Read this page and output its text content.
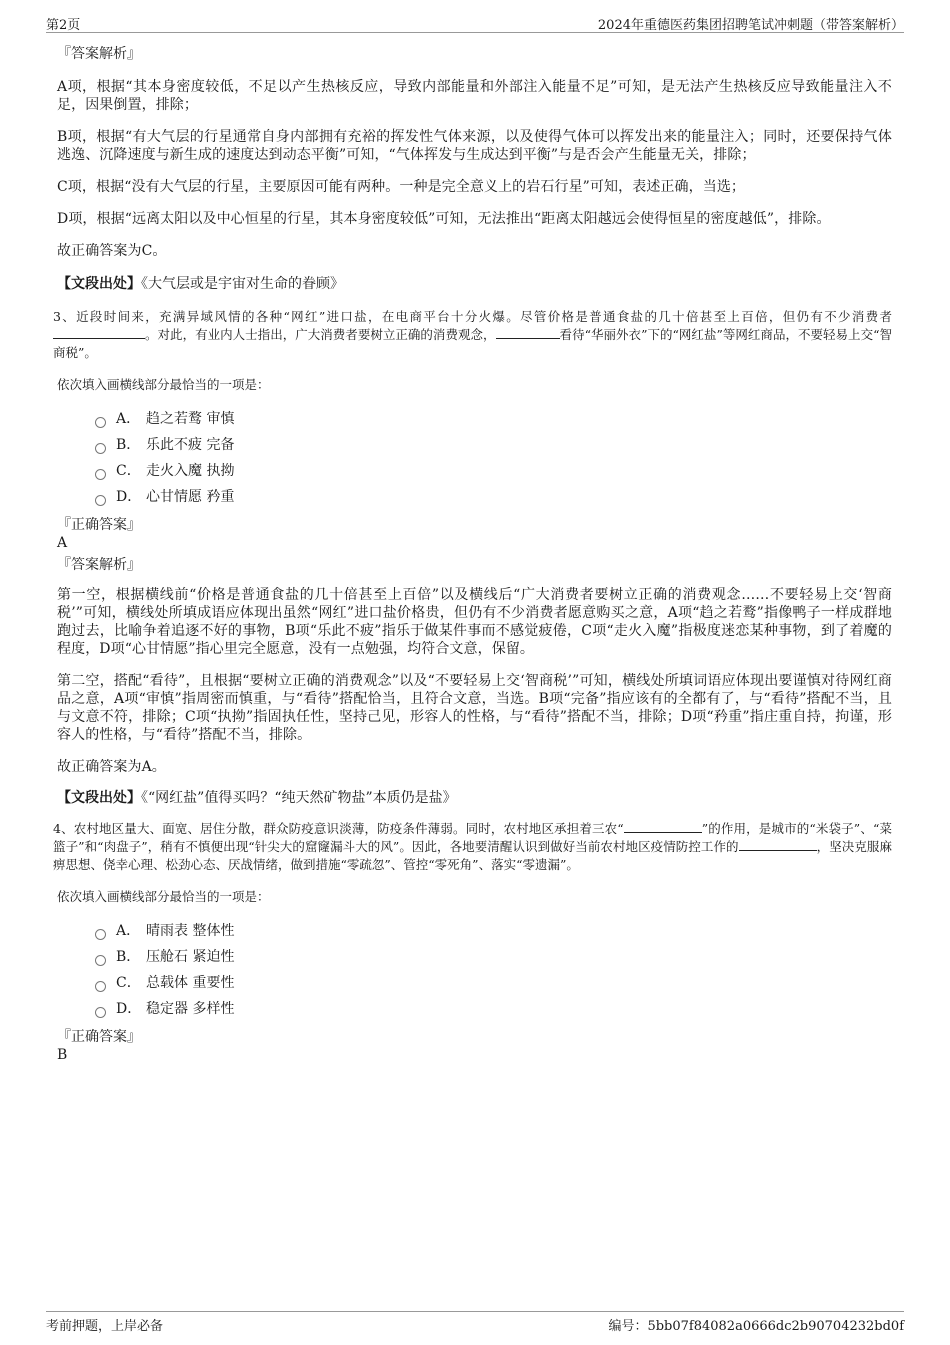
第2页	2024年重德医药集团招聘笔试冲刺题（带答案解析）

『答案解析』

A项，根据“其本身密度较低，不足以产生热核反应，导致内部能量和外部注入能量不足”可知，是无法产生热核反应导致能量注入不足，因果倒置，排除；

B项，根据“有大气层的行星通常自身内部拥有充裕的挥发性气体来源，以及使得气体可以挥发出来的能量注入；同时，还要保持气体逃逸、沉降速度与新生成的速度达到动态平衡”可知，“气体挥发与生成达到平衡”与是否会产生能量无关，排除；

C项，根据“没有大气层的行星，主要原因可能有两种。一种是完全意义上的岩石行星”可知，表述正确，当选；

D项，根据“远离太阳以及中心恒星的行星，其本身密度较低”可知，无法推出“距离太阳越远会使得恒星的密度越低”，排除。

故正确答案为C。

【文段出处】《大气层或是宇宙对生命的眷顾》

3、近段时间来，充满异域风情的各种“网红”进口盐，在电商平台十分火爆。尽管价格是普通食盐的几十倍甚至上百倍，但仍有不少消费者。对此，有业内人士指出，广大消费者要树立正确的消费观念，	看待“华丽外衣”下的“网红盐”等网红商品，不要轻易上交“智商税”。

依次填入画横线部分最恰当的一项是：

A． 趋之若鹜 审慎
B． 乐此不疲 完备
C． 走火入魔 执拗
D． 心甘情愿 矜重

『正确答案』

A

『答案解析』

第一空，根据横线前“价格是普通食盐的几十倍甚至上百倍”以及横线后“广大消费者要树立正确的消费观念……不要轻易上交‘智商税’”可知，横线处所填成语应体现出虽然“网红”进口盐价格贵，但仍有不少消费者愿意购买之意，A项“趋之若鹜”指像鸭子一样成群地跑过去，比喻争着追逐不好的事物，B项“乐此不疲”指乐于做某件事而不感觉疲倦，C项“走火入魔”指极度迷恋某种事物，到了着魔的程度，D项“心甘情愿”指心里完全愿意，没有一点勉强，均符合文意，保留。

第二空，搭配“看待”，且根据“要树立正确的消费观念”以及“不要轻易上交‘智商税’”可知，横线处所填词语应体现出要谨慎对待网红商品之意，A项“审慎”指周密而慎重，与“看待”搭配恰当，且符合文意，当选。B项“完备”指应该有的全都有了，与“看待”搭配不当，且与文意不符，排除；C项“执拗”指固执任性，坚持己见，形容人的性格，与“看待”搭配不当，排除；D项“矜重”指庄重自持，拘谨，形容人的性格，与“看待”搭配不当，排除。

故正确答案为A。

【文段出处】《“网红盐”值得买吗？“纯天然矿物盐”本质仍是盐》

4、农村地区量大、面宽、居住分散，群众防疫意识淡薄，防疫条件薄弱。同时，农村地区承担着三农“	”的作用，是城市的“米袋子”、“菜篮子”和“肉盘子”，稍有不慎便出现“针尖大的窟窿漏斗大的风”。因此，各地要清醒认识到做好当前农村地区疫情防控工作的	，坚决克服麻痹思想、侥幸心理、松劲心态、厌战情绪，做到措施“零疏忽”、管控“零死角”、落实“零遗漏”。

依次填入画横线部分最恰当的一项是：

A． 晴雨表 整体性
B． 压舱石 紧迫性
C． 总载体 重要性
D． 稳定器 多样性

『正确答案』

B

考前押题，上岸必备	编号：5bb07f84082a0666dc2b90704232bd0f
